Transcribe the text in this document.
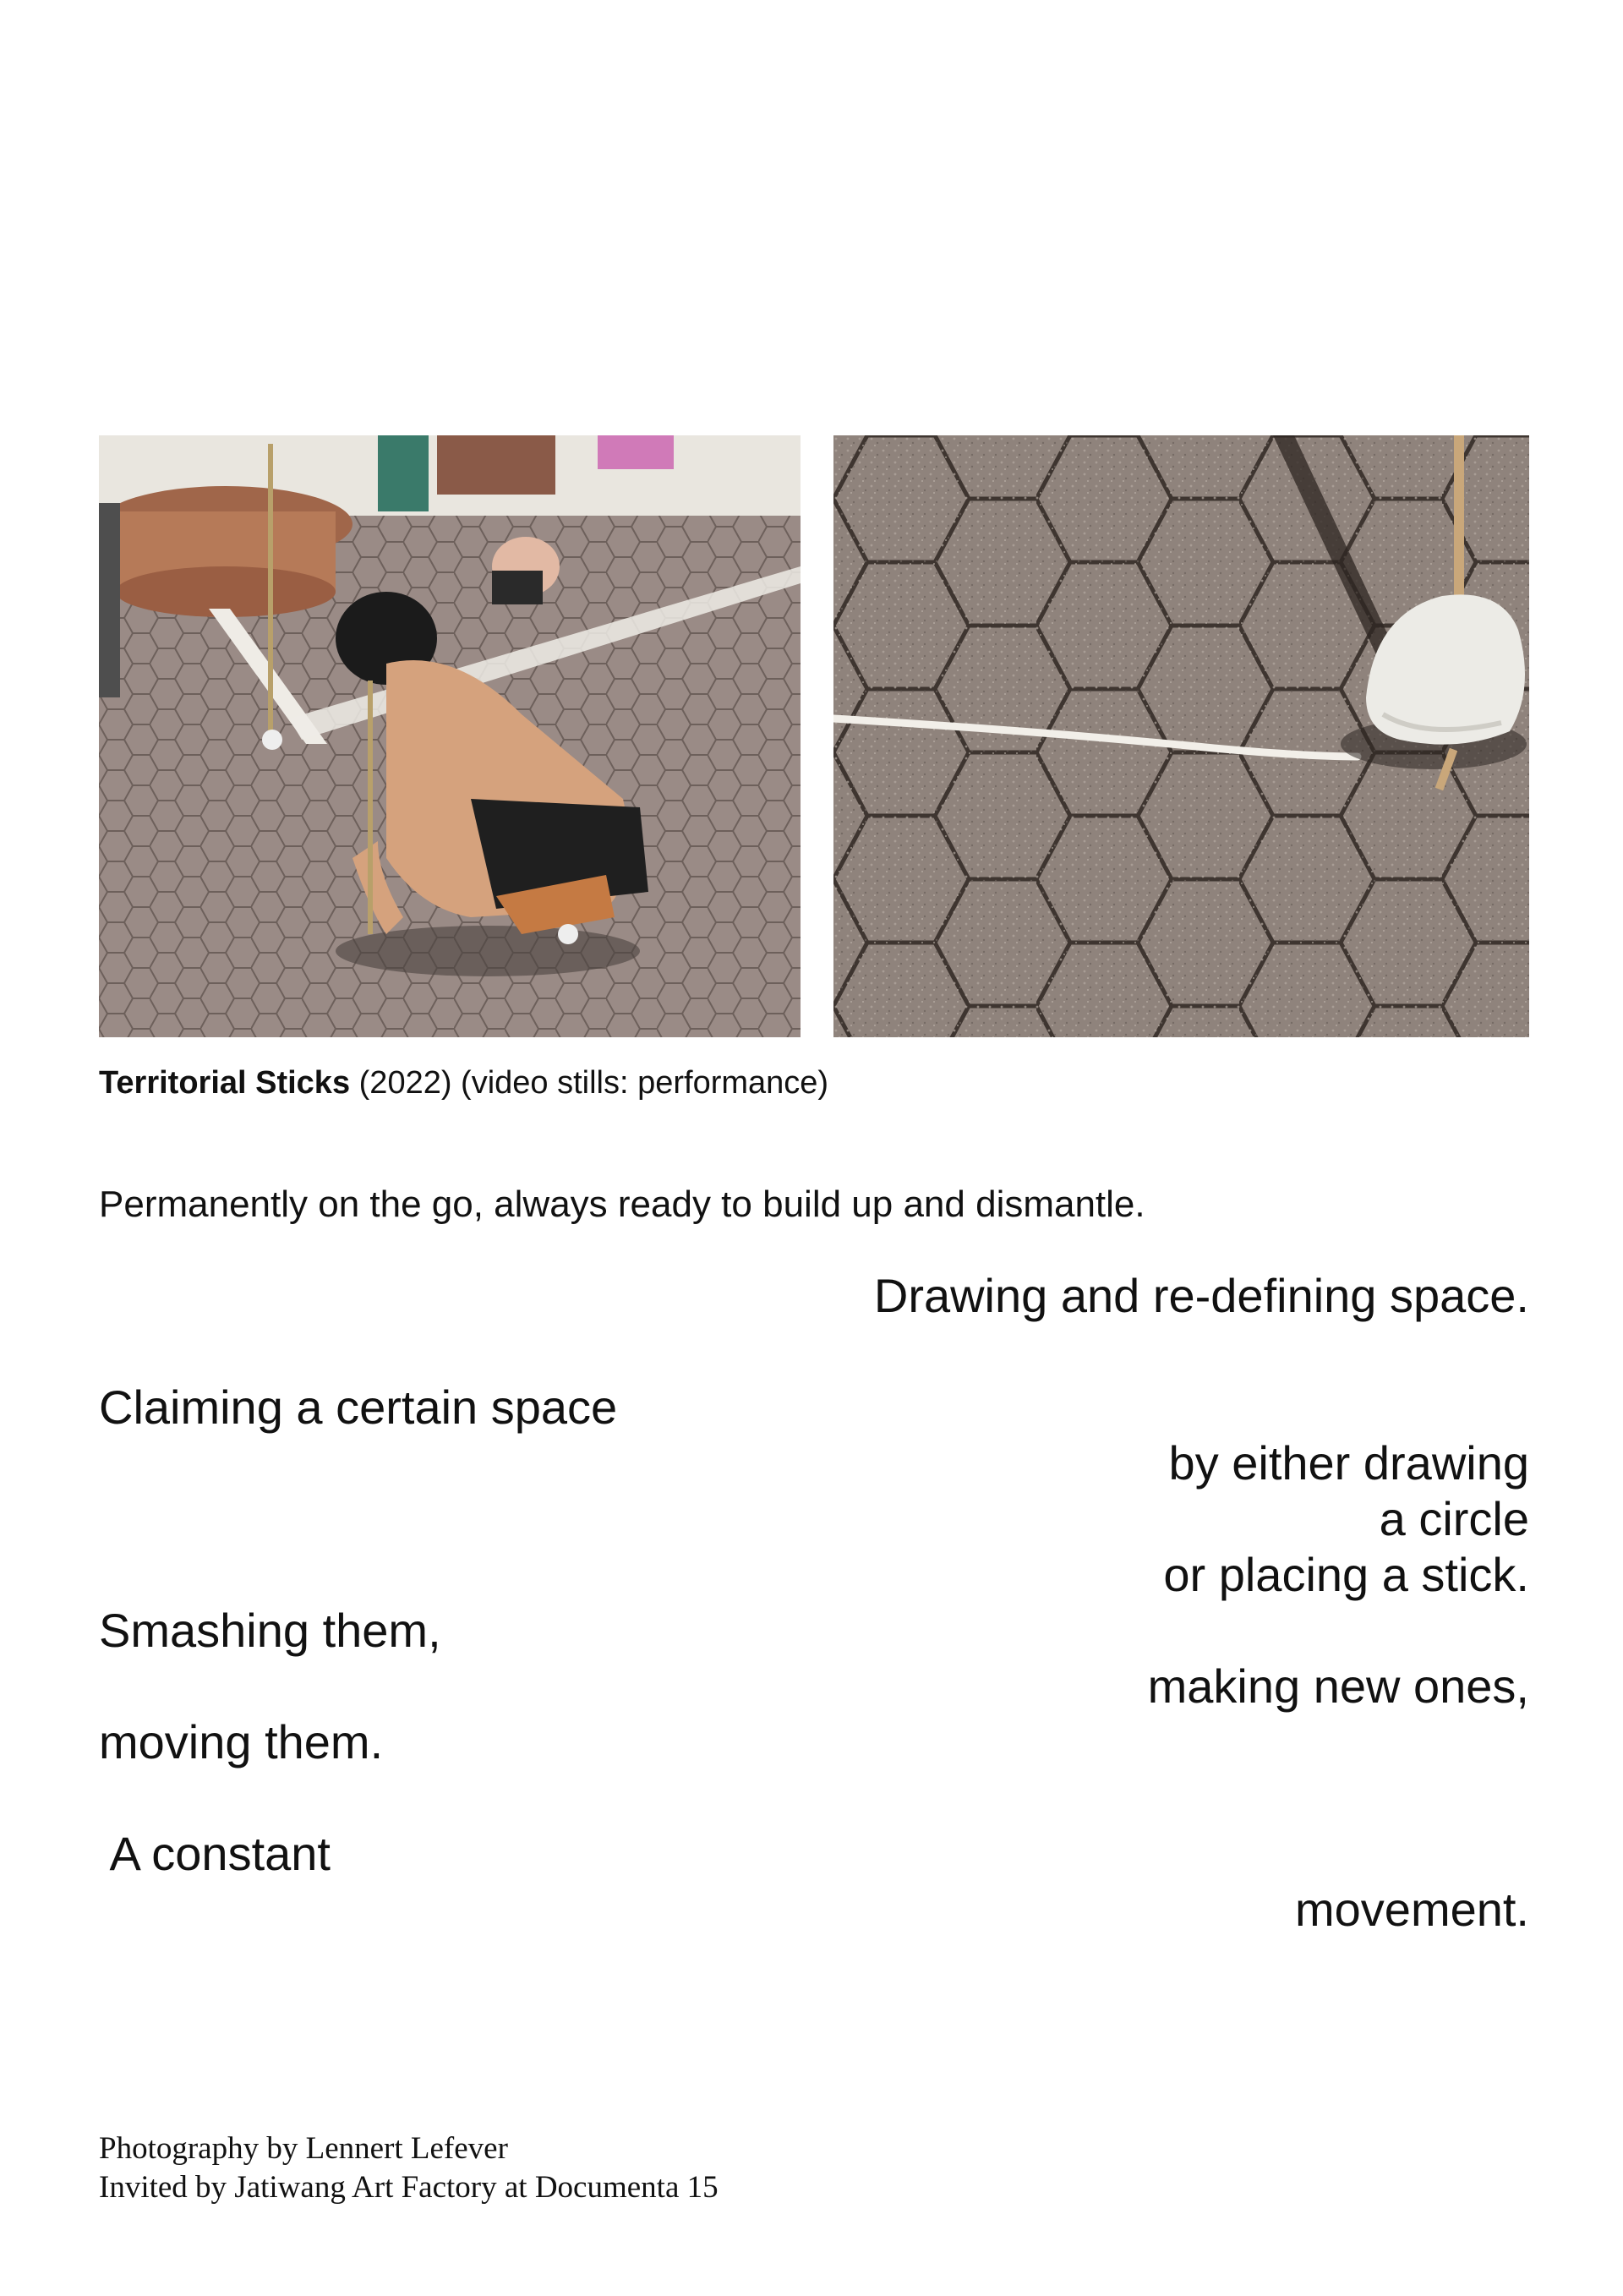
Territorial Sticks (2022) (video stills: performance)
Permanently on the go, always ready to build up and dismantle.
Drawing and re-defining space.
Claiming a certain space
by either drawing
a circle
or placing a stick.
Smashing them,
making new ones,
moving them.
A constant
movement.
Photography by Lennert Lefever
Invited by Jatiwang Art Factory at Documenta 15
